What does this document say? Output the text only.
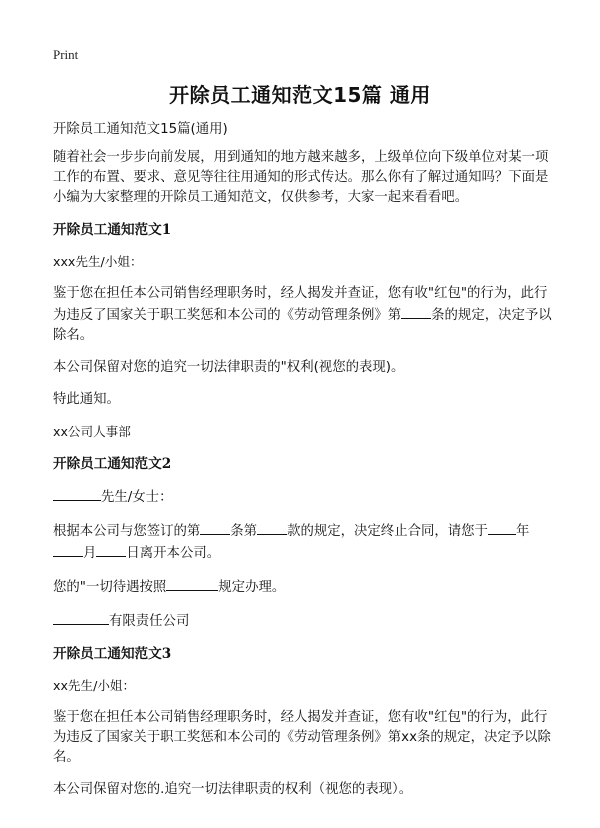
Print
开除员工通知范文15篇 通用

开除员工通知范文15篇(通用)

随着社会一步步向前发展，用到通知的地方越来越多，上级单位向下级单位对某一项工作的布置、要求、意见等往往用通知的形式传达。那么你有了解过通知吗？下面是小编为大家整理的开除员工通知范文，仅供参考，大家一起来看看吧。

开除员工通知范文1

xxx先生/小姐：

鉴于您在担任本公司销售经理职务时，经人揭发并查证，您有收"红包"的行为，此行为违反了国家关于职工奖惩和本公司的《劳动管理条例》第 条的规定，决定予以除名。

本公司保留对您的追究一切法律职责的"权利(视您的表现)。

特此通知。

xx公司人事部

开除员工通知范文2

先生/女士：

根据本公司与您签订的第 条第 款的规定，决定终止合同，请您于 年
月 日离开本公司。

您的"一切待遇按照	规定办理。

有限责任公司

开除员工通知范文3

xx先生/小姐：

鉴于您在担任本公司销售经理职务时，经人揭发并查证，您有收"红包"的行为，此行为违反了国家关于职工奖惩和本公司的《劳动管理条例》第xx条的规定，决定予以除名。

本公司保留对您的.追究一切法律职责的权利（视您的表现）。
